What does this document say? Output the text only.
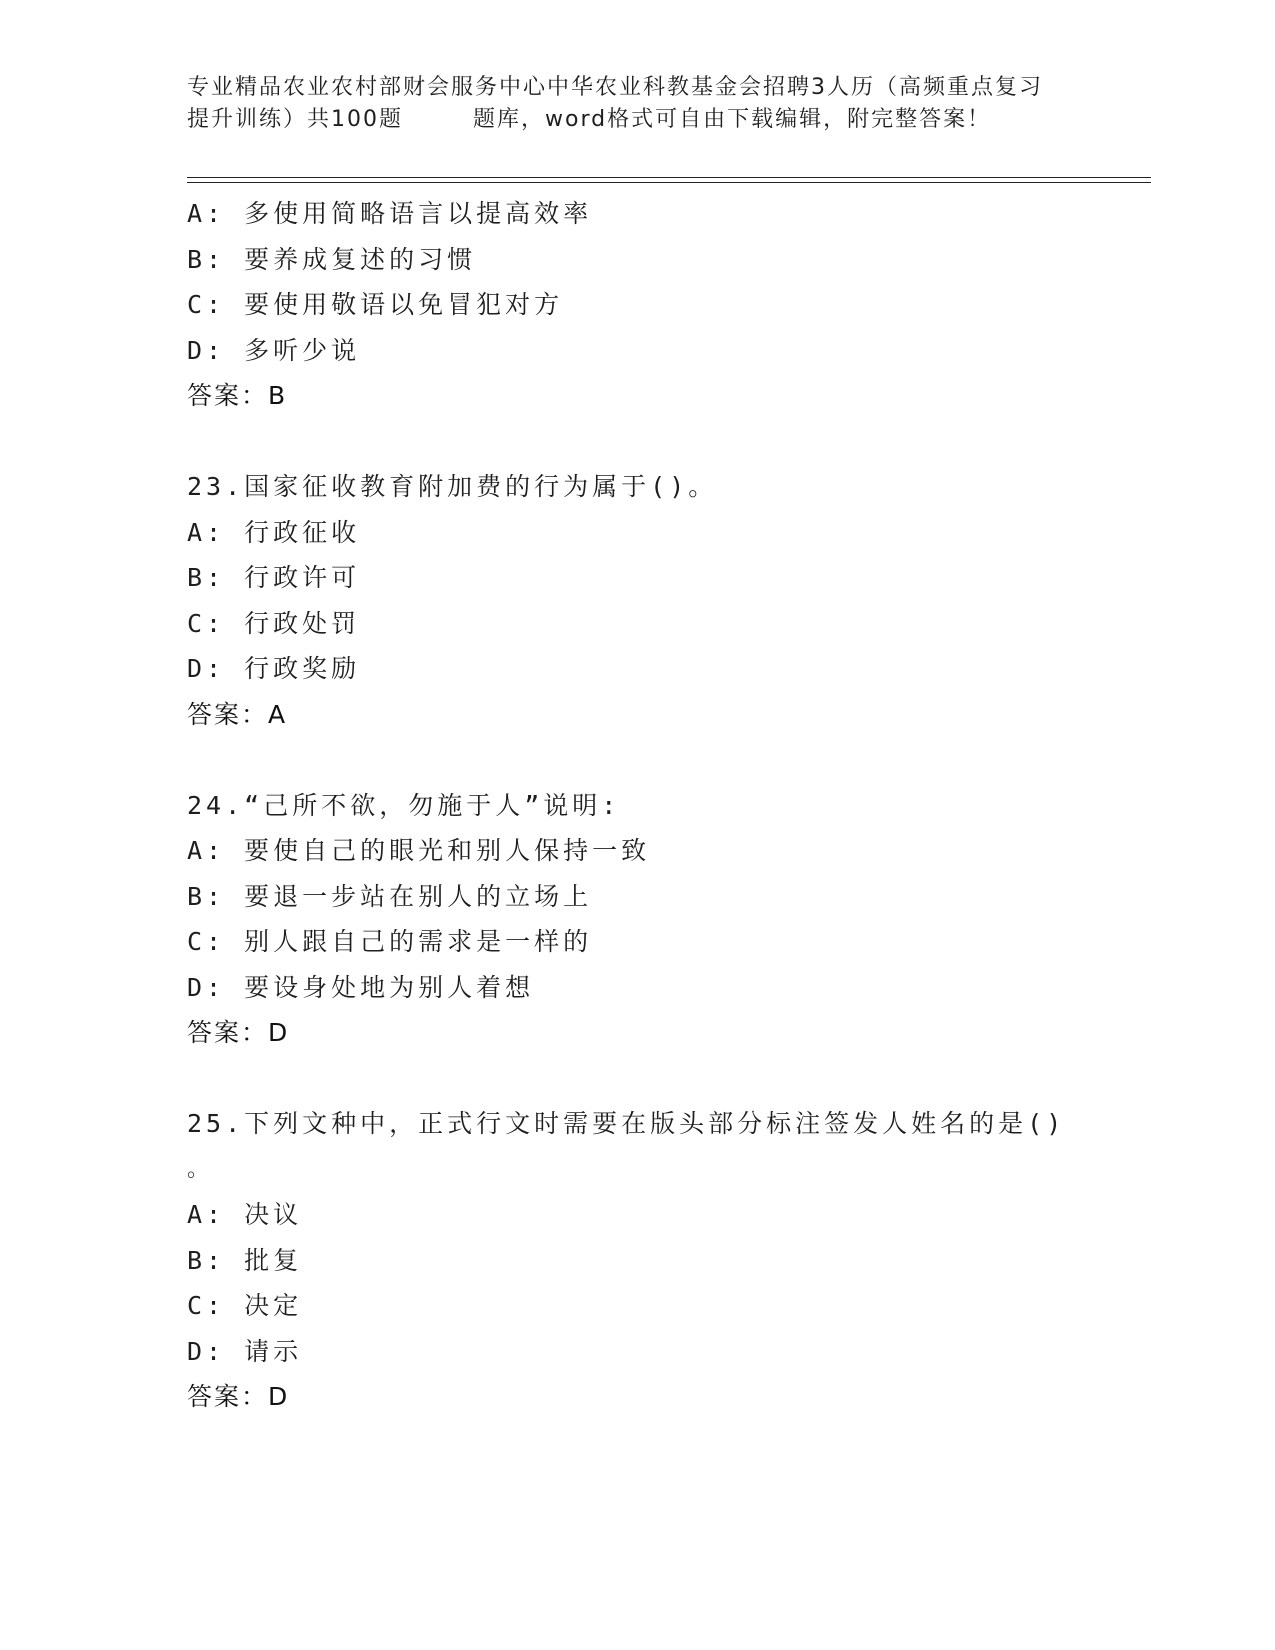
专业精品农业农村部财会服务中心中华农业科教基金会招聘3人历（高频重点复习
提升训练）共100题	题库，word格式可自由下载编辑，附完整答案！
A: 多使用简略语言以提高效率
B: 要养成复述的习惯
C: 要使用敬语以免冒犯对方
D: 多听少说
答案：B
23.国家征收教育附加费的行为属于()。
A: 行政征收
B: 行政许可
C: 行政处罚
D: 行政奖励
答案：A
24.“己所不欲，勿施于人”说明:
A: 要使自己的眼光和别人保持一致
B: 要退一步站在别人的立场上
C: 别人跟自己的需求是一样的
D: 要设身处地为别人着想
答案：D
25.下列文种中，正式行文时需要在版头部分标注签发人姓名的是()
。
A: 决议
B: 批复
C: 决定
D: 请示
答案：D
